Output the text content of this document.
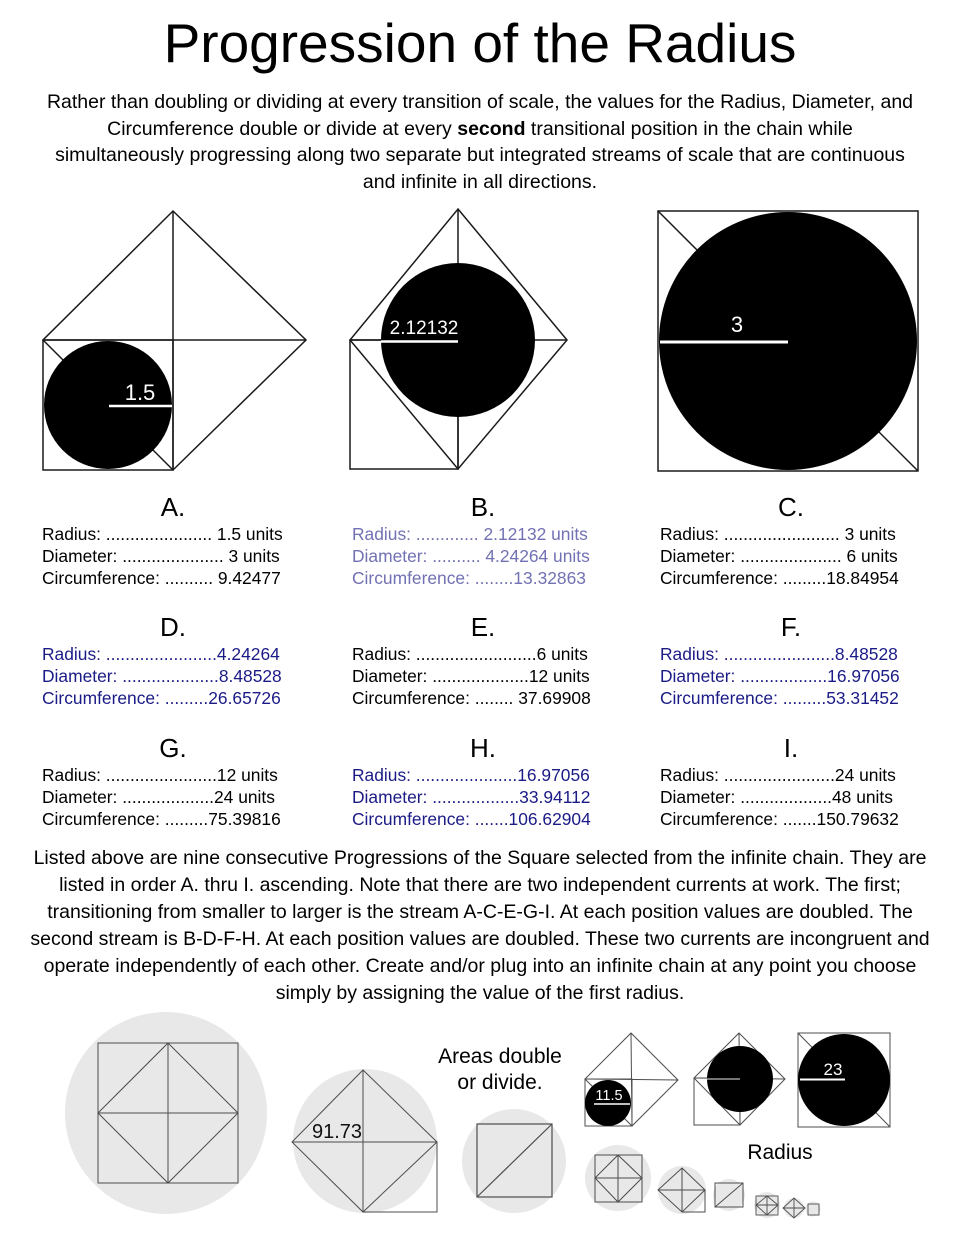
Progression of the Radius
Rather than doubling or dividing at every transition of scale, the values for the Radius, Diameter, and Circumference double or divide at every second transitional position in the chain while simultaneously progressing along two separate but integrated streams of scale that are continuous and infinite in all directions.
1.5
2.12132	3
A.
Radius: ...................... 1.5 units
Diameter: ..................... 3 units
Circumference: .......... 9.42477
B.
Radius: ............. 2.12132 units
Diameter: .......... 4.24264 units
Circumference: ........13.32863
C.
Radius: ........................ 3 units
Diameter: ..................... 6 units
Circumference: .........18.84954
D.
Radius: .......................4.24264
Diameter: ....................8.48528
Circumference: .........26.65726
E.
Radius: .........................6 units
Diameter: ....................12 units
Circumference: ........ 37.69908
F.
Radius: .......................8.48528
Diameter: ..................16.97056
Circumference: .........53.31452
G.
Radius: .......................12 units
Diameter: ...................24 units
Circumference: .........75.39816
H.
Radius: .....................16.97056
Diameter: ..................33.94112
Circumference: .......106.62904
I.
Radius: .......................24 units
Diameter: ...................48 units
Circumference: .......150.79632
Listed above are nine consecutive Progressions of the Square selected from the infinite chain. They are listed in order A. thru I. ascending. Note that there are two independent currents at work. The first; transitioning from smaller to larger is the stream A-C-E-G-I. At each position values are doubled. The second stream is B-D-F-H. At each position values are doubled. These two currents are incongruent and operate independently of each other. Create and/or plug into an infinite chain at any point you choose simply by assigning the value of the first radius.
Areas double
or divide.
Radius
91.73
11.5
23
